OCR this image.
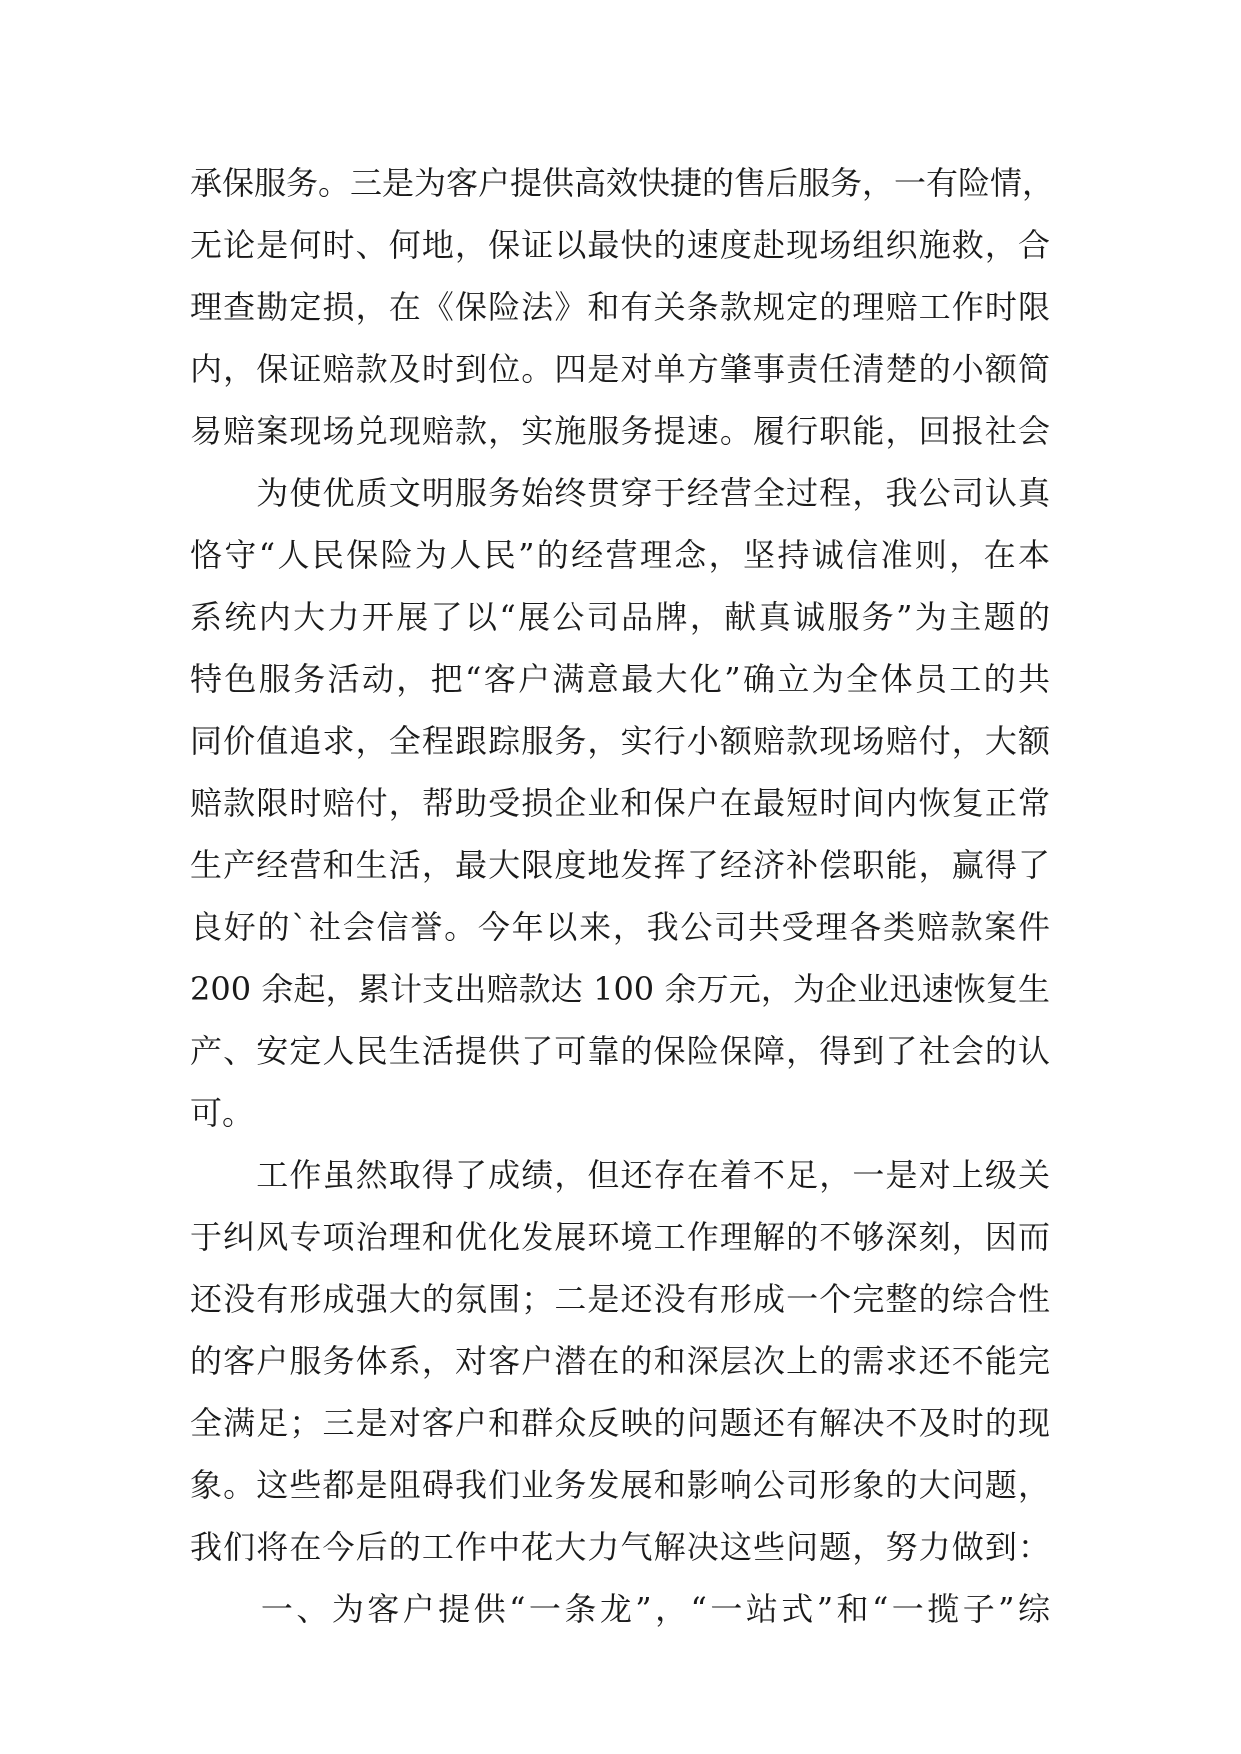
承保服务。三是为客户提供高效快捷的售后服务，一有险情，
无论是何时、何地，保证以最快的速度赴现场组织施救，合
理查勘定损，在《保险法》和有关条款规定的理赔工作时限
内，保证赔款及时到位。四是对单方肇事责任清楚的小额简
易赔案现场兑现赔款，实施服务提速。履行职能，回报社会
　　为使优质文明服务始终贯穿于经营全过程，我公司认真
恪守“人民保险为人民”的经营理念，坚持诚信准则，在本
系统内大力开展了以“展公司品牌，献真诚服务”为主题的
特色服务活动，把“客户满意最大化”确立为全体员工的共
同价值追求，全程跟踪服务，实行小额赔款现场赔付，大额
赔款限时赔付，帮助受损企业和保户在最短时间内恢复正常
生产经营和生活，最大限度地发挥了经济补偿职能，赢得了
良好的`社会信誉。今年以来，我公司共受理各类赔款案件
200 余起，累计支出赔款达 100 余万元，为企业迅速恢复生
产、安定人民生活提供了可靠的保险保障，得到了社会的认
可。
　　工作虽然取得了成绩，但还存在着不足，一是对上级关
于纠风专项治理和优化发展环境工作理解的不够深刻，因而
还没有形成强大的氛围；二是还没有形成一个完整的综合性
的客户服务体系，对客户潜在的和深层次上的需求还不能完
全满足；三是对客户和群众反映的问题还有解决不及时的现
象。这些都是阻碍我们业务发展和影响公司形象的大问题，
我们将在今后的工作中花大力气解决这些问题，努力做到：
　　一、为客户提供“一条龙”，“一站式”和“一揽子”综
